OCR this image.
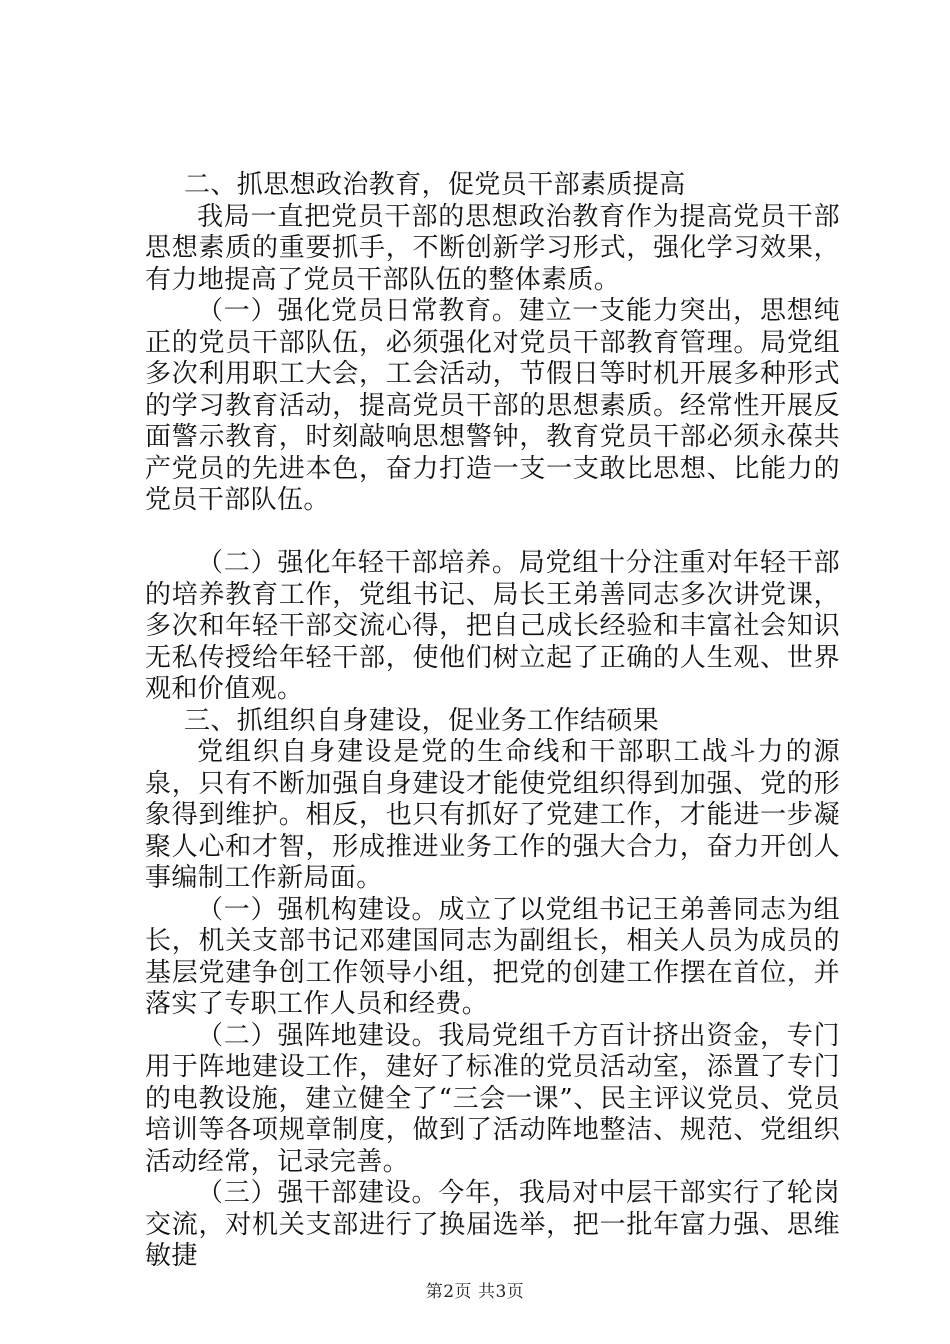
二、抓思想政治教育，促党员干部素质提高

我局一直把党员干部的思想政治教育作为提高党员干部思想素质的重要抓手，不断创新学习形式，强化学习效果，有力地提高了党员干部队伍的整体素质。

（一）强化党员日常教育。建立一支能力突出，思想纯正的党员干部队伍，必须强化对党员干部教育管理。局党组多次利用职工大会，工会活动，节假日等时机开展多种形式的学习教育活动，提高党员干部的思想素质。经常性开展反面警示教育，时刻敲响思想警钟，教育党员干部必须永葆共产党员的先进本色，奋力打造一支一支敢比思想、比能力的党员干部队伍。

（二）强化年轻干部培养。局党组十分注重对年轻干部的培养教育工作，党组书记、局长王弟善同志多次讲党课，多次和年轻干部交流心得，把自己成长经验和丰富社会知识无私传授给年轻干部，使他们树立起了正确的人生观、世界观和价值观。

三、抓组织自身建设，促业务工作结硕果

党组织自身建设是党的生命线和干部职工战斗力的源泉，只有不断加强自身建设才能使党组织得到加强、党的形象得到维护。相反，也只有抓好了党建工作，才能进一步凝聚人心和才智，形成推进业务工作的强大合力，奋力开创人事编制工作新局面。

（一）强机构建设。成立了以党组书记王弟善同志为组长，机关支部书记邓建国同志为副组长，相关人员为成员的基层党建争创工作领导小组，把党的创建工作摆在首位，并落实了专职工作人员和经费。

（二）强阵地建设。我局党组千方百计挤出资金，专门用于阵地建设工作，建好了标准的党员活动室，添置了专门的电教设施，建立健全了“三会一课”、民主评议党员、党员培训等各项规章制度，做到了活动阵地整洁、规范、党组织活动经常，记录完善。

（三）强干部建设。今年，我局对中层干部实行了轮岗交流，对机关支部进行了换届选举，把一批年富力强、思维敏捷

第2页 共3页
